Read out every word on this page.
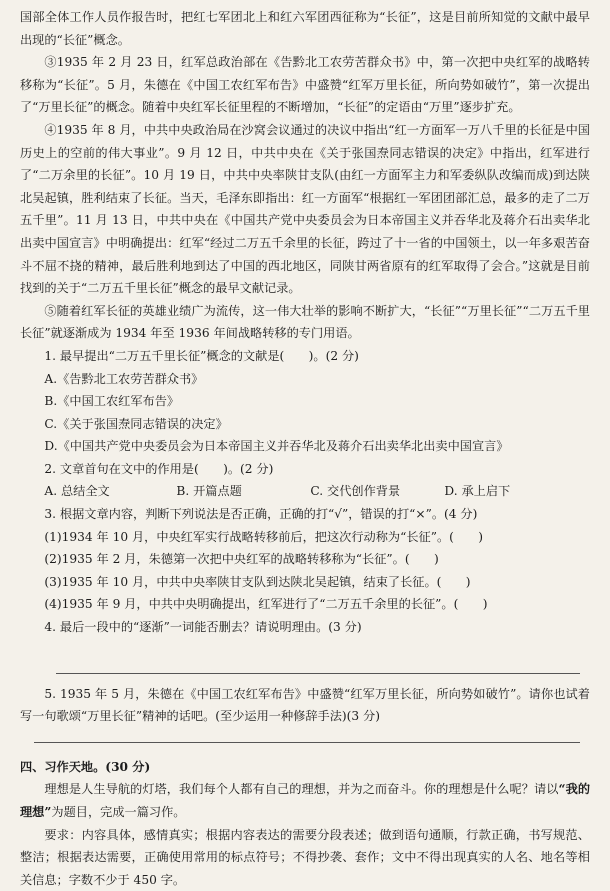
国部全体工作人员作报告时，把红七军团北上和红六军团西征称为“长征”，这是目前所知觉的文献中最早出现的“长征”概念。

③1935 年 2 月 23 日，红军总政治部在《告黔北工农劳苦群众书》中，第一次把中央红军的战略转移称为“长征”。5 月，朱德在《中国工农红军布告》中盛赞“红军万里长征，所向势如破竹”，第一次提出了“万里长征”的概念。随着中央红军长征里程的不断增加，“长征”的定语由“万里”逐步扩充。

④1935 年 8 月，中共中央政治局在沙窝会议通过的决议中指出“红一方面军一万八千里的长征是中国历史上的空前的伟大事业”。9 月 12 日，中共中央在《关于张国焘同志错误的决定》中指出，红军进行了“二万余里的长征”。10 月 19 日，中共中央率陕甘支队(由红一方面军主力和军委纵队改编而成)到达陕北吴起镇，胜利结束了长征。当天，毛泽东即指出：红一方面军“根据红一军团团部汇总，最多的走了二万五千里”。11 月 13 日，中共中央在《中国共产党中央委员会为日本帝国主义并吞华北及蒋介石出卖华北出卖中国宣言》中明确提出：红军“经过二万五千余里的长征，跨过了十一省的中国领土，以一年多艰苦奋斗不屈不挠的精神，最后胜利地到达了中国的西北地区，同陕甘两省原有的红军取得了会合。”这就是目前找到的关于“二万五千里长征”概念的最早文献记录。

⑤随着红军长征的英雄业绩广为流传，这一伟大壮举的影响不断扩大，“长征”“万里长征”“二万五千里长征”就逐渐成为 1934 年至 1936 年间战略转移的专门用语。

1. 最早提出“二万五千里长征”概念的文献是(　　)。(2 分)

A.《告黔北工农劳苦群众书》

B.《中国工农红军布告》

C.《关于张国焘同志错误的决定》

D.《中国共产党中央委员会为日本帝国主义并吞华北及蒋介石出卖华北出卖中国宣言》

2. 文章首句在文中的作用是(　　)。(2 分)

A. 总结全文	B. 开篇点题	C. 交代创作背景	D. 承上启下

3. 根据文章内容，判断下列说法是否正确，正确的打“√”，错误的打“×”。(4 分)

(1)1934 年 10 月，中央红军实行战略转移前后，把这次行动称为“长征”。(　　)

(2)1935 年 2 月，朱德第一次把中央红军的战略转移称为“长征”。(　　)

(3)1935 年 10 月，中共中央率陕甘支队到达陕北吴起镇，结束了长征。(　　)

(4)1935 年 9 月，中共中央明确提出，红军进行了“二万五千余里的长征”。(　　)

4. 最后一段中的“逐渐”一词能否删去？请说明理由。(3 分)

5. 1935 年 5 月，朱德在《中国工农红军布告》中盛赞“红军万里长征，所向势如破竹”。请你也试着写一句歌颂“万里长征”精神的话吧。(至少运用一种修辞手法)(3 分)

四、习作天地。(30 分)

理想是人生导航的灯塔，我们每个人都有自己的理想，并为之而奋斗。你的理想是什么呢？请以“我的理想”为题目，完成一篇习作。

要求：内容具体，感情真实；根据内容表达的需要分段表述；做到语句通顺，行款正确，书写规范、整洁；根据表达需要，正确使用常用的标点符号；不得抄袭、套作；文中不得出现真实的人名、地名等相关信息；字数不少于 450 字。
